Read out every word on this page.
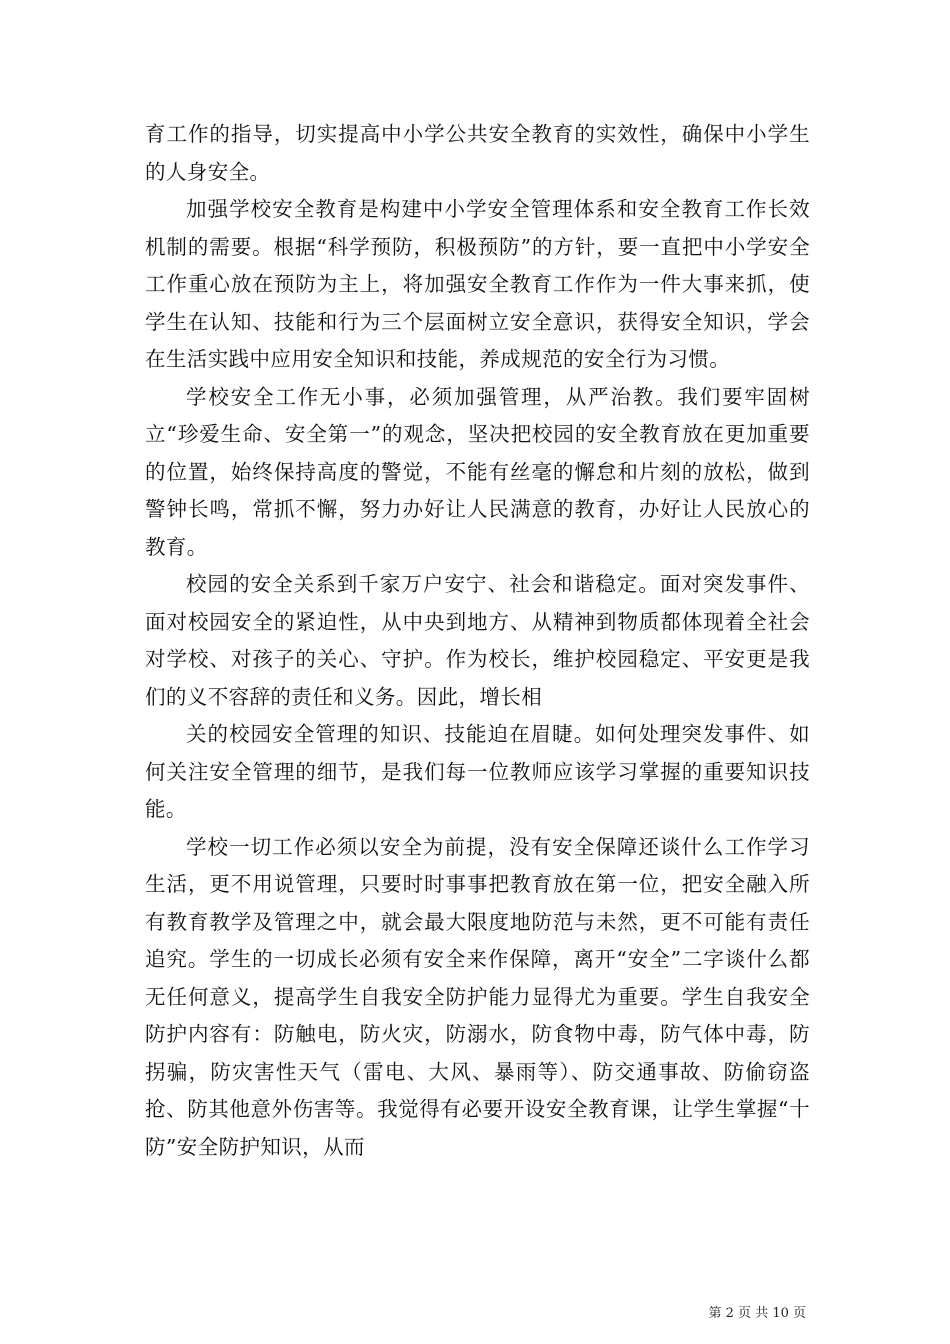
育工作的指导，切实提高中小学公共安全教育的实效性，确保中小学生的人身安全。

加强学校安全教育是构建中小学安全管理体系和安全教育工作长效机制的需要。根据“科学预防，积极预防”的方针，要一直把中小学安全工作重心放在预防为主上，将加强安全教育工作作为一件大事来抓，使学生在认知、技能和行为三个层面树立安全意识，获得安全知识，学会在生活实践中应用安全知识和技能，养成规范的安全行为习惯。

学校安全工作无小事，必须加强管理，从严治教。我们要牢固树立“珍爱生命、安全第一”的观念，坚决把校园的安全教育放在更加重要的位置，始终保持高度的警觉，不能有丝毫的懈怠和片刻的放松，做到警钟长鸣，常抓不懈，努力办好让人民满意的教育，办好让人民放心的教育。

校园的安全关系到千家万户安宁、社会和谐稳定。面对突发事件、面对校园安全的紧迫性，从中央到地方、从精神到物质都体现着全社会对学校、对孩子的关心、守护。作为校长，维护校园稳定、平安更是我们的义不容辞的责任和义务。因此，增长相

关的校园安全管理的知识、技能迫在眉睫。如何处理突发事件、如何关注安全管理的细节，是我们每一位教师应该学习掌握的重要知识技能。

学校一切工作必须以安全为前提，没有安全保障还谈什么工作学习生活，更不用说管理，只要时时事事把教育放在第一位，把安全融入所有教育教学及管理之中，就会最大限度地防范与未然，更不可能有责任追究。学生的一切成长必须有安全来作保障，离开“安全”二字谈什么都无任何意义，提高学生自我安全防护能力显得尤为重要。学生自我安全防护内容有：防触电，防火灾，防溺水，防食物中毒，防气体中毒，防拐骗，防灾害性天气（雷电、大风、暴雨等）、防交通事故、防偷窃盗抢、防其他意外伤害等。我觉得有必要开设安全教育课，让学生掌握“十防”安全防护知识，从而

第 2 页 共 10 页
